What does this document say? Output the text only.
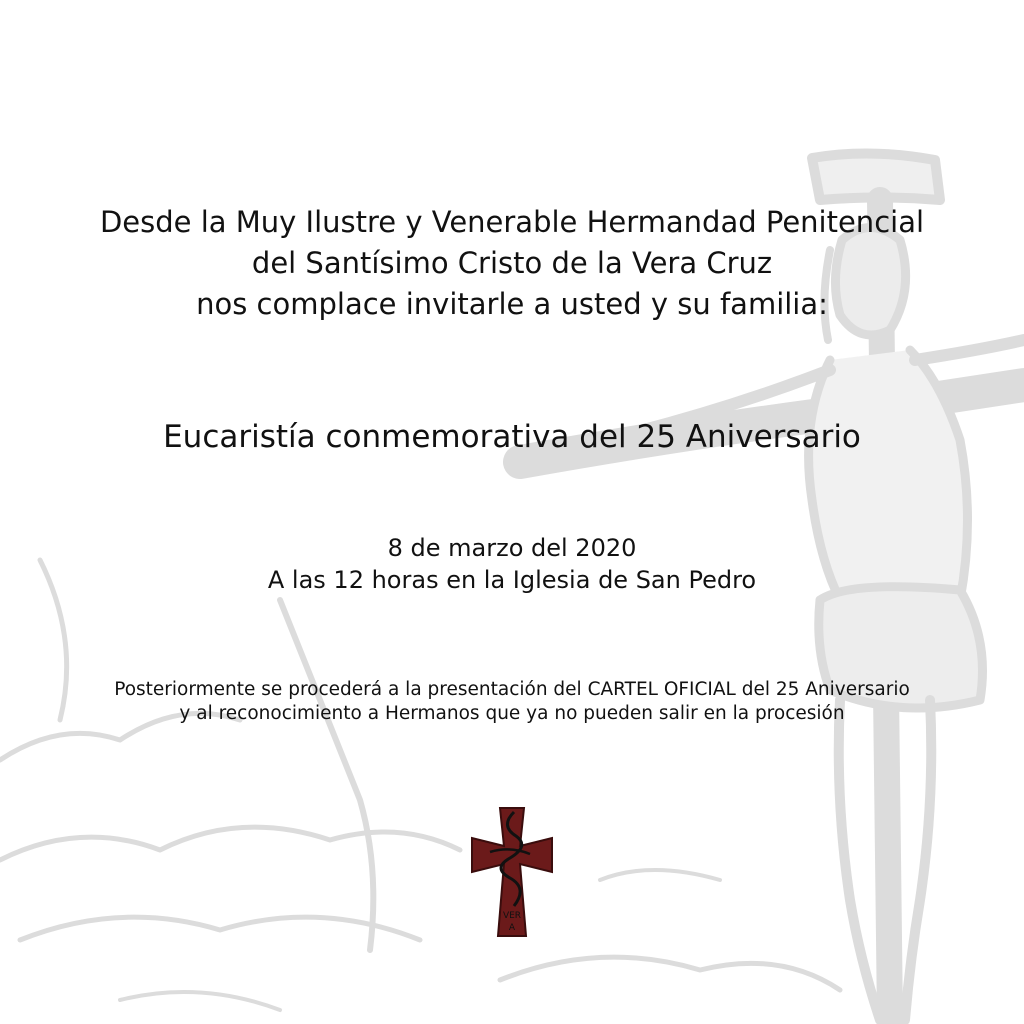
Desde la Muy Ilustre y Venerable Hermandad Penitencial
del Santísimo Cristo de la Vera Cruz
nos complace invitarle a usted y su familia:
Eucaristía conmemorativa del 25 Aniversario
8 de marzo del 2020
A las 12 horas en la Iglesia de San Pedro
Posteriormente se procederá a la presentación del CARTEL OFICIAL del 25 Aniversario
y al reconocimiento a Hermanos que ya no pueden salir en la procesión
VER
A
